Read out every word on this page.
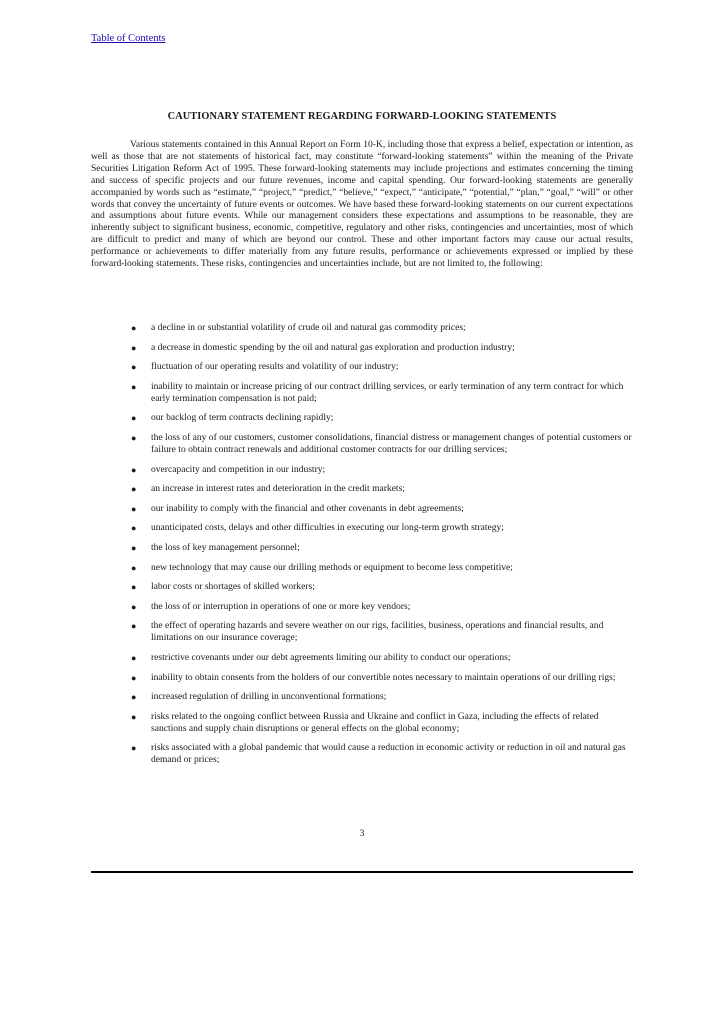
Table of Contents
CAUTIONARY STATEMENT REGARDING FORWARD-LOOKING STATEMENTS

Various statements contained in this Annual Report on Form 10-K, including those that express a belief, expectation or intention, as well as those that are not statements of historical fact, may constitute “forward-looking statements” within the meaning of the Private Securities Litigation Reform Act of 1995. These forward-looking statements may include projections and estimates concerning the timing and success of specific projects and our future revenues, income and capital spending. Our forward-looking statements are generally accompanied by words such as “estimate,” “project,” “predict,” “believe,” “expect,” “anticipate,” “potential,” “plan,” “goal,” “will” or other words that convey the uncertainty of future events or outcomes. We have based these forward-looking statements on our current expectations and assumptions about future events. While our management considers these expectations and assumptions to be reasonable, they are inherently subject to significant business, economic, competitive, regulatory and other risks, contingencies and uncertainties, most of which are difficult to predict and many of which are beyond our control. These and other important factors may cause our actual results, performance or achievements to differ materially from any future results, performance or achievements expressed or implied by these forward-looking statements. These risks, contingencies and uncertainties include, but are not limited to, the following:

● a decline in or substantial volatility of crude oil and natural gas commodity prices;
● a decrease in domestic spending by the oil and natural gas exploration and production industry;
● fluctuation of our operating results and volatility of our industry;
● inability to maintain or increase pricing of our contract drilling services, or early termination of any term contract for which early termination compensation is not paid;
● our backlog of term contracts declining rapidly;
● the loss of any of our customers, customer consolidations, financial distress or management changes of potential customers or failure to obtain contract renewals and additional customer contracts for our drilling services;
● overcapacity and competition in our industry;
● an increase in interest rates and deterioration in the credit markets;
● our inability to comply with the financial and other covenants in debt agreements;
● unanticipated costs, delays and other difficulties in executing our long-term growth strategy;
● the loss of key management personnel;
● new technology that may cause our drilling methods or equipment to become less competitive;
● labor costs or shortages of skilled workers;
● the loss of or interruption in operations of one or more key vendors;
● the effect of operating hazards and severe weather on our rigs, facilities, business, operations and financial results, and limitations on our insurance coverage;
● restrictive covenants under our debt agreements limiting our ability to conduct our operations;
● inability to obtain consents from the holders of our convertible notes necessary to maintain operations of our drilling rigs;
● increased regulation of drilling in unconventional formations;
● risks related to the ongoing conflict between Russia and Ukraine and conflict in Gaza, including the effects of related sanctions and supply chain disruptions or general effects on the global economy;
● risks associated with a global pandemic that would cause a reduction in economic activity or reduction in oil and natural gas demand or prices;
3
